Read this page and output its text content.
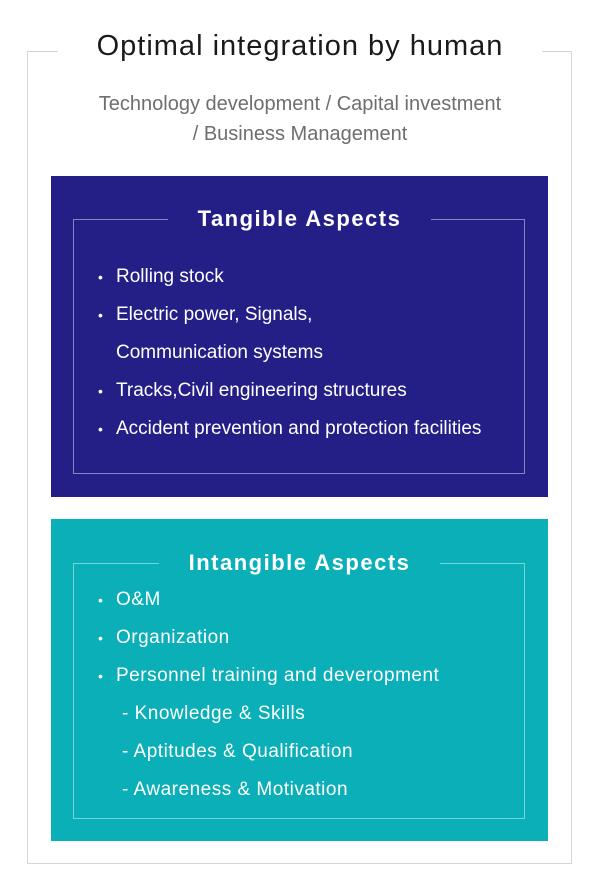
Optimal integration by human
Technology development / Capital investment
/ Business Management
Tangible Aspects
• Rolling stock
• Electric power, Signals,
Communication systems
• Tracks,Civil engineering structures
• Accident prevention and protection facilities
Intangible Aspects
• O&M
• Organization
• Personnel training and deveropment
- Knowledge & Skills
- Aptitudes & Qualification
- Awareness & Motivation
